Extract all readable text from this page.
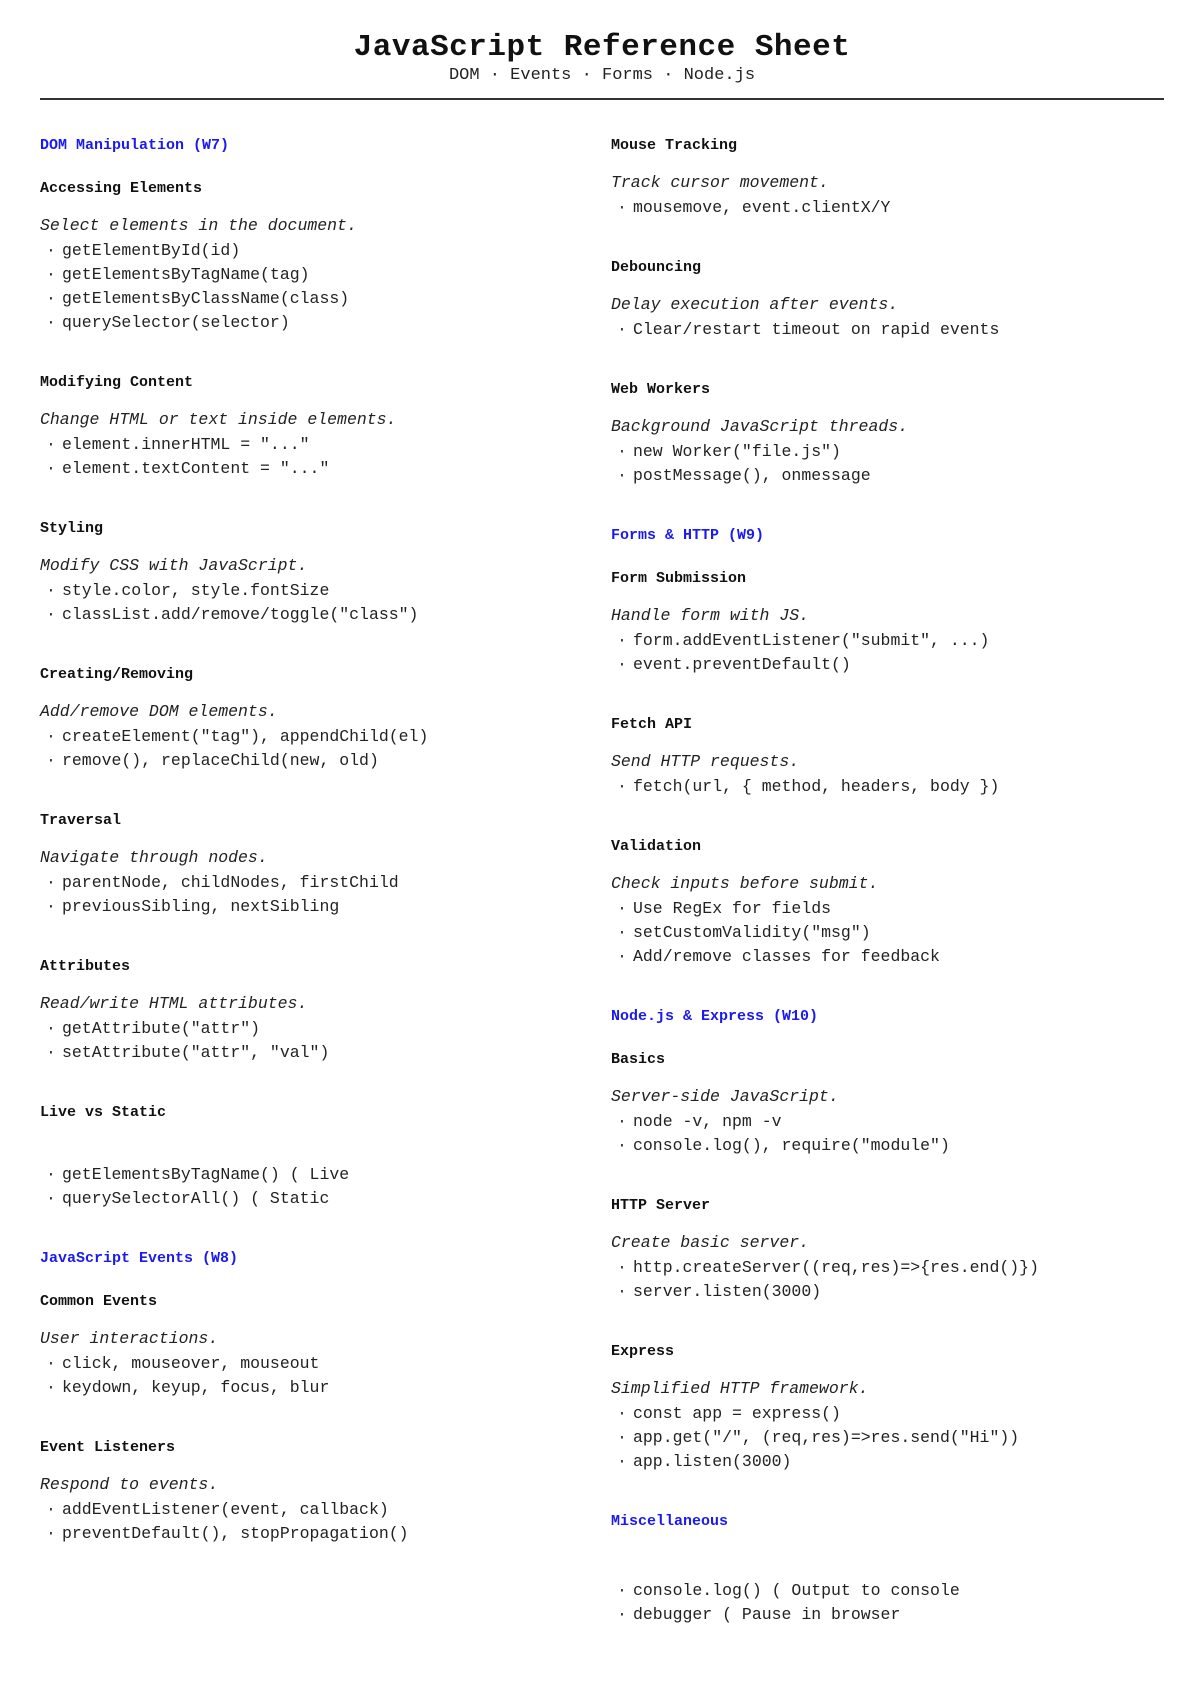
JavaScript Reference Sheet
DOM · Events · Forms · Node.js
DOM Manipulation (W7)
Accessing Elements
Select elements in the document.
· getElementById(id)
· getElementsByTagName(tag)
· getElementsByClassName(class)
· querySelector(selector)
Modifying Content
Change HTML or text inside elements.
· element.innerHTML = "..."
· element.textContent = "..."
Styling
Modify CSS with JavaScript.
· style.color, style.fontSize
· classList.add/remove/toggle("class")
Creating/Removing
Add/remove DOM elements.
· createElement("tag"), appendChild(el)
· remove(), replaceChild(new, old)
Traversal
Navigate through nodes.
· parentNode, childNodes, firstChild
· previousSibling, nextSibling
Attributes
Read/write HTML attributes.
· getAttribute("attr")
· setAttribute("attr", "val")
Live vs Static
· getElementsByTagName() ( Live
· querySelectorAll() ( Static
JavaScript Events (W8)
Common Events
User interactions.
· click, mouseover, mouseout
· keydown, keyup, focus, blur
Event Listeners
Respond to events.
· addEventListener(event, callback)
· preventDefault(), stopPropagation()
Mouse Tracking
Track cursor movement.
· mousemove, event.clientX/Y
Debouncing
Delay execution after events.
· Clear/restart timeout on rapid events
Web Workers
Background JavaScript threads.
· new Worker("file.js")
· postMessage(), onmessage
Forms & HTTP (W9)
Form Submission
Handle form with JS.
· form.addEventListener("submit", ...)
· event.preventDefault()
Fetch API
Send HTTP requests.
· fetch(url, { method, headers, body })
Validation
Check inputs before submit.
· Use RegEx for fields
· setCustomValidity("msg")
· Add/remove classes for feedback
Node.js & Express (W10)
Basics
Server-side JavaScript.
· node -v, npm -v
· console.log(), require("module")
HTTP Server
Create basic server.
· http.createServer((req,res)=>{res.end()})
· server.listen(3000)
Express
Simplified HTTP framework.
· const app = express()
· app.get("/", (req,res)=>res.send("Hi"))
· app.listen(3000)
Miscellaneous
· console.log() ( Output to console
· debugger ( Pause in browser
